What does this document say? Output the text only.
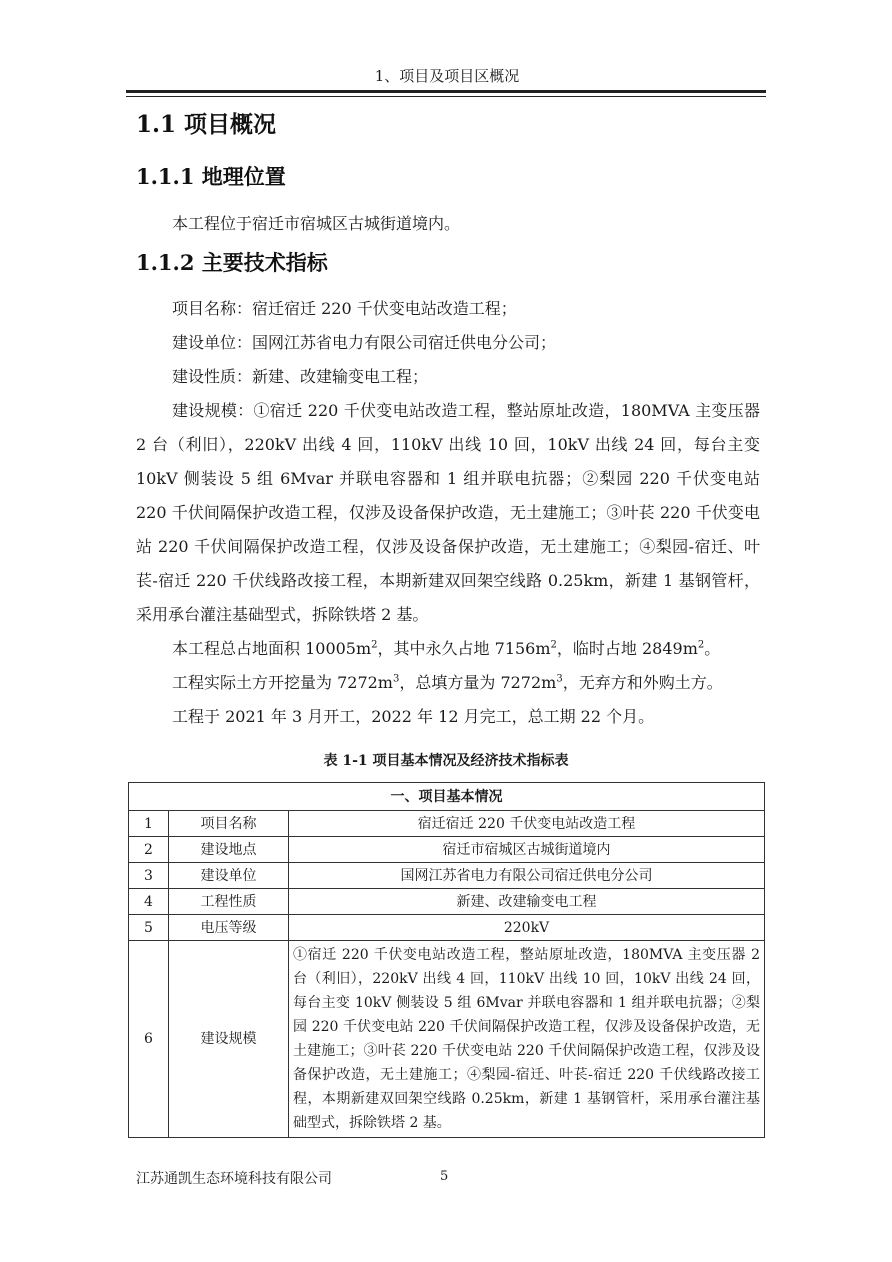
1、项目及项目区概况
1.1 项目概况
1.1.1 地理位置

本工程位于宿迁市宿城区古城街道境内。

1.1.2 主要技术指标
项目名称：宿迁宿迁 220 千伏变电站改造工程；
建设单位：国网江苏省电力有限公司宿迁供电分公司；
建设性质：新建、改建输变电工程；
建设规模：①宿迁 220 千伏变电站改造工程，整站原址改造，180MVA 主变压器 2 台（利旧），220kV 出线 4 回，110kV 出线 10 回，10kV 出线 24 回，每台主变 10kV 侧装设 5 组 6Mvar 并联电容器和 1 组并联电抗器；②梨园 220 千伏变电站 220 千伏间隔保护改造工程，仅涉及设备保护改造，无土建施工；③叶苌 220 千伏变电站 220 千伏间隔保护改造工程，仅涉及设备保护改造，无土建施工；④梨园-宿迁、叶苌-宿迁 220 千伏线路改接工程，本期新建双回架空线路 0.25km，新建 1 基钢管杆，采用承台灌注基础型式，拆除铁塔 2 基。
本工程总占地面积 $10005m^2$，其中永久占地 $7156m^2$，临时占地 $2849m^2$。
工程实际土方开挖量为 $7272m^3$，总填方量为 $7272m^3$，无弃方和外购土方。
工程于 2021 年 3 月开工，2022 年 12 月完工，总工期 22 个月。
表 1-1 项目基本情况及经济技术指标表
一、项目基本情况		
1	项目名称	宿迁宿迁 220 千伏变电站改造工程
2	建设地点	宿迁市宿城区古城街道境内
3	建设单位	国网江苏省电力有限公司宿迁供电分公司
4	工程性质	新建、改建输变电工程
5	电压等级	220kV
6	建设规模	①宿迁 220 千伏变电站改造工程，整站原址改造，180MVA 主变压器 2 台（利旧），220kV 出线 4 回，110kV 出线 10 回，10kV 出线 24 回，每台主变 10kV 侧装设 5 组 6Mvar 并联电容器和 1 组并联电抗器；②梨园 220 千伏变电站 220 千伏间隔保护改造工程，仅涉及设备保护改造，无土建施工；③叶苌 220 千伏变电站 220 千伏间隔保护改造工程，仅涉及设备保护改造，无土建施工；④梨园-宿迁、叶苌-宿迁 220 千伏线路改接工程，本期新建双回架空线路 0.25km，新建 1 基钢管杆，采用承台灌注基础型式，拆除铁塔 2 基。
江苏通凯生态环境科技有限公司	5
